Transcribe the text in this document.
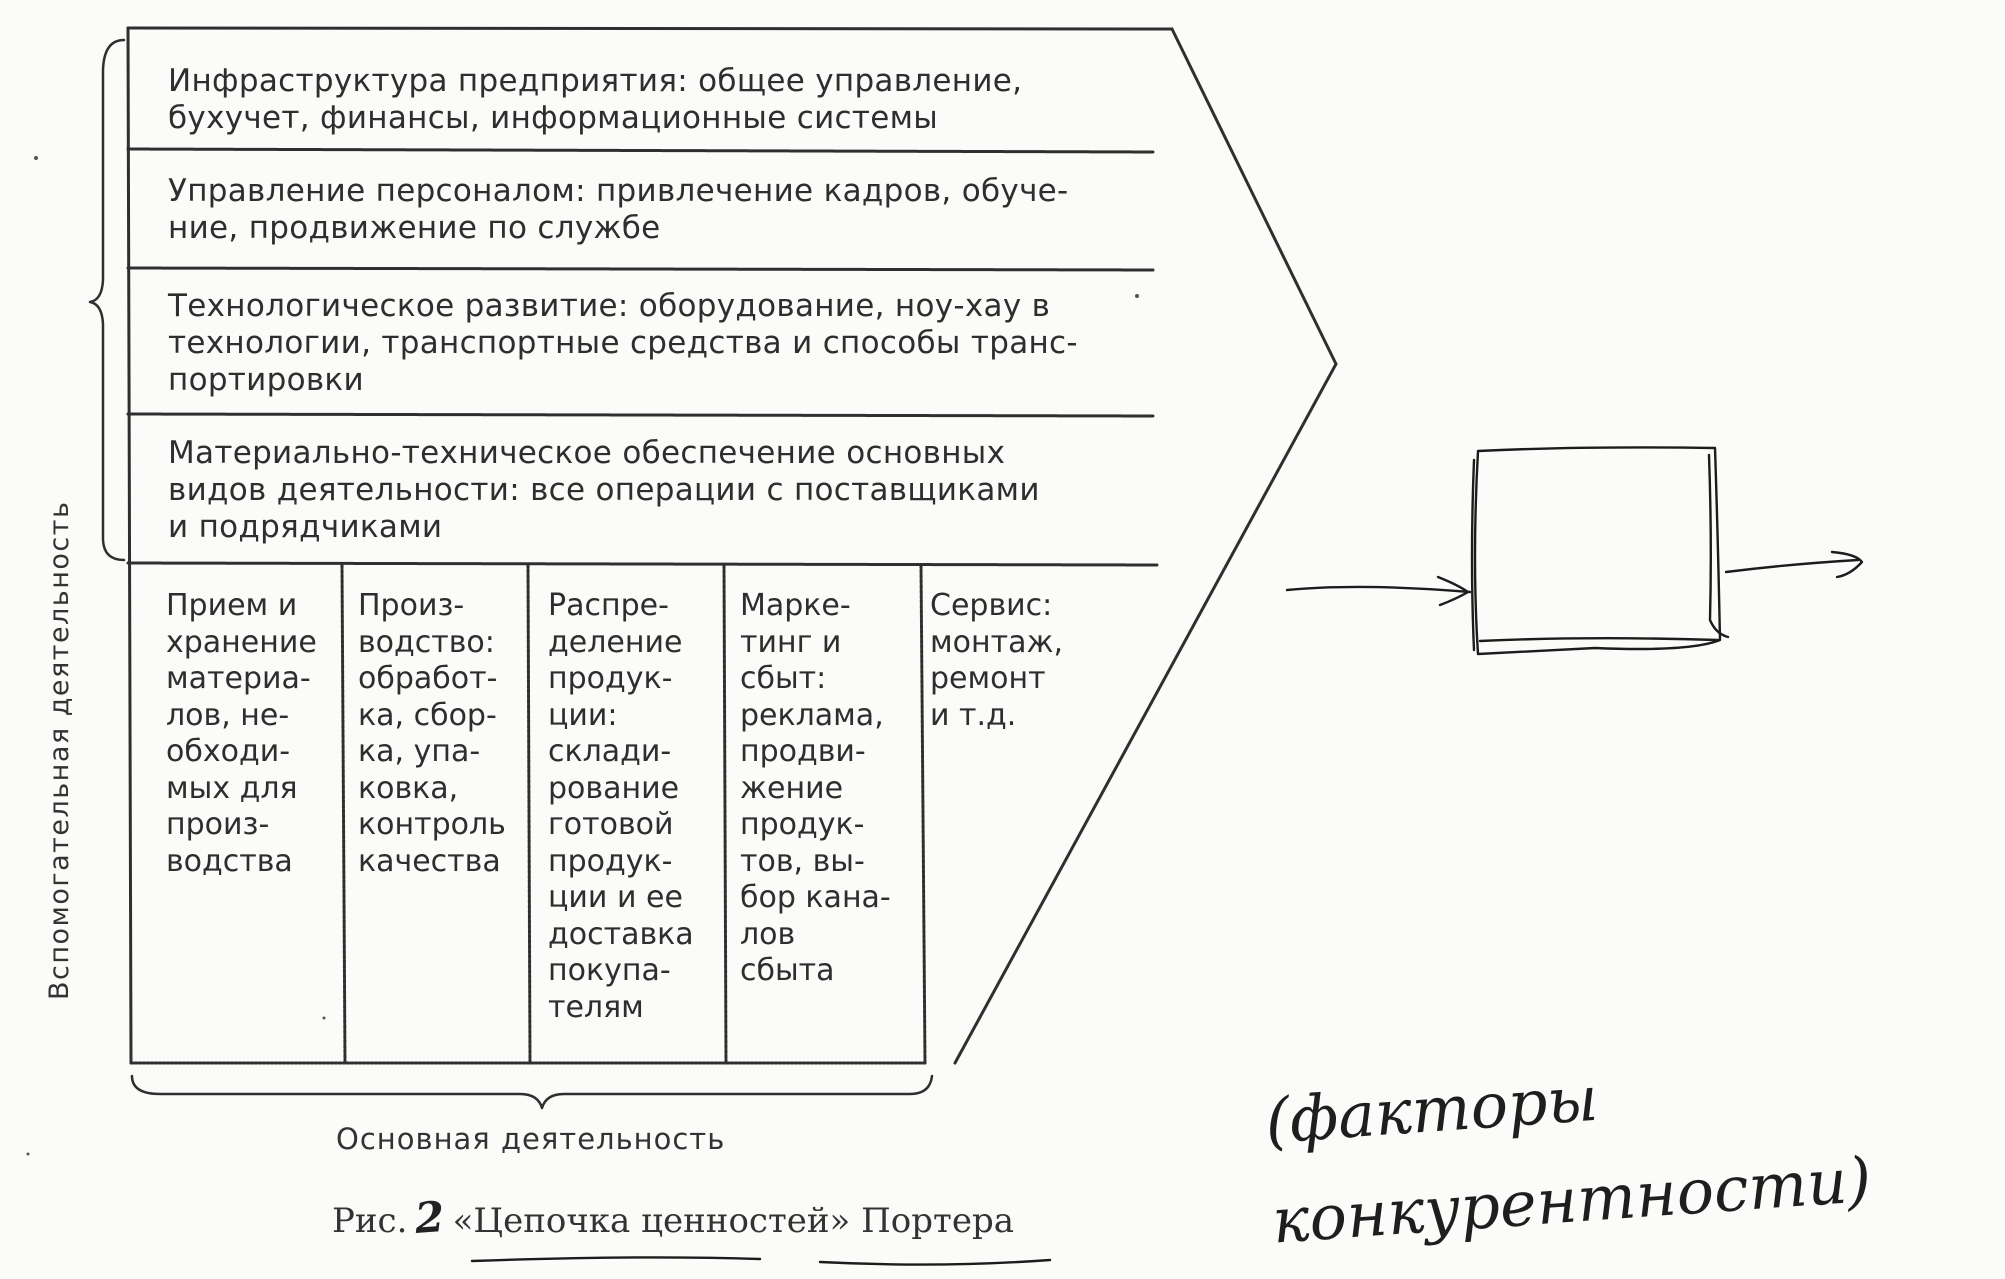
Инфраструктура предприятия: общее управление,
бухучет, финансы, информационные системы

Управление персоналом: привлечение кадров, обуче-
ние, продвижение по службе

Технологическое развитие: оборудование, ноу-хау в
технологии, транспортные средства и способы транс-
портировки

Материально-техническое обеспечение основных
видов деятельности: все операции с поставщиками
и подрядчиками

Прием и
хранение
материа-
лов, не-
обходи-
мых для
произ-
водства

Произ-
водство:
обработ-
ка, сбор-
ка, упа-
ковка,
контроль
качества

Распре-
деление
продук-
ции:
склади-
рование
готовой
продук-
ции и ее
доставка
покупа-
телям

Марке-
тинг и
сбыт:
реклама,
продви-
жение
продук-
тов, вы-
бор кана-
лов
сбыта

Сервис:
монтаж,
ремонт
и т.д.

Вспомогательная деятельность
Основная деятельность
Рис. 2 «Цепочка ценностей» Портера
(факторы
конкурентности)
